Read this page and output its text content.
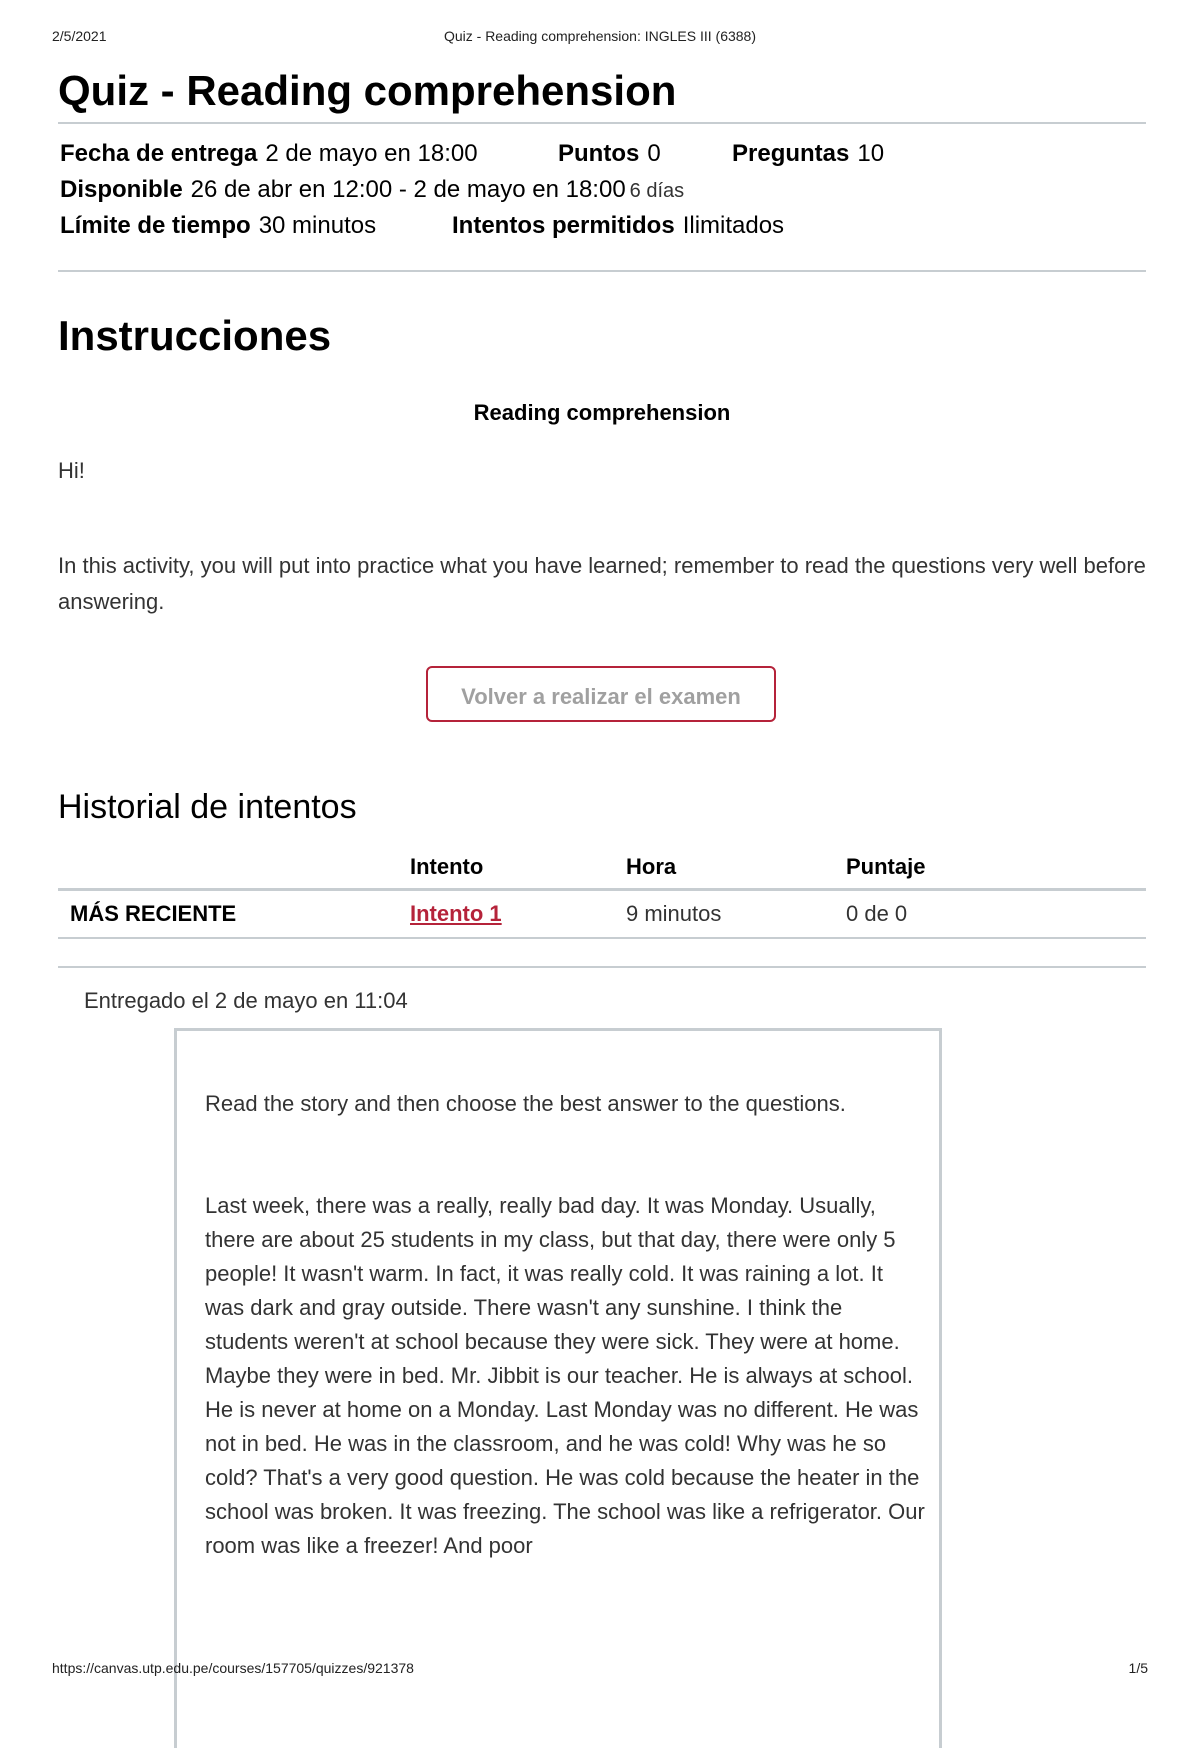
2/5/2021	Quiz - Reading comprehension: INGLES III (6388)
Quiz - Reading comprehension
Fecha de entrega 2 de mayo en 18:00	Puntos 0	Preguntas 10
Disponible 26 de abr en 12:00 - 2 de mayo en 18:00 6 días
Límite de tiempo 30 minutos	Intentos permitidos Ilimitados
Instrucciones
Reading comprehension
Hi!
In this activity, you will put into practice what you have learned; remember to read the questions very well before answering.
Volver a realizar el examen
Historial de intentos
	Intento	Hora	Puntaje
MÁS RECIENTE	Intento 1	9 minutos	0 de 0
Entregado el 2 de mayo en 11:04
Read the story and then choose the best answer to the questions.
Last week, there was a really, really bad day. It was Monday. Usually, there are about 25 students in my class, but that day, there were only 5 people! It wasn't warm. In fact, it was really cold. It was raining a lot. It was dark and gray outside. There wasn't any sunshine. I think the students weren't at school because they were sick. They were at home. Maybe they were in bed. Mr. Jibbit is our teacher. He is always at school. He is never at home on a Monday. Last Monday was no different. He was not in bed. He was in the classroom, and he was cold! Why was he so cold? That's a very good question. He was cold because the heater in the school was broken. It was freezing. The school was like a refrigerator. Our room was like a freezer! And poor
https://canvas.utp.edu.pe/courses/157705/quizzes/921378	1/5
